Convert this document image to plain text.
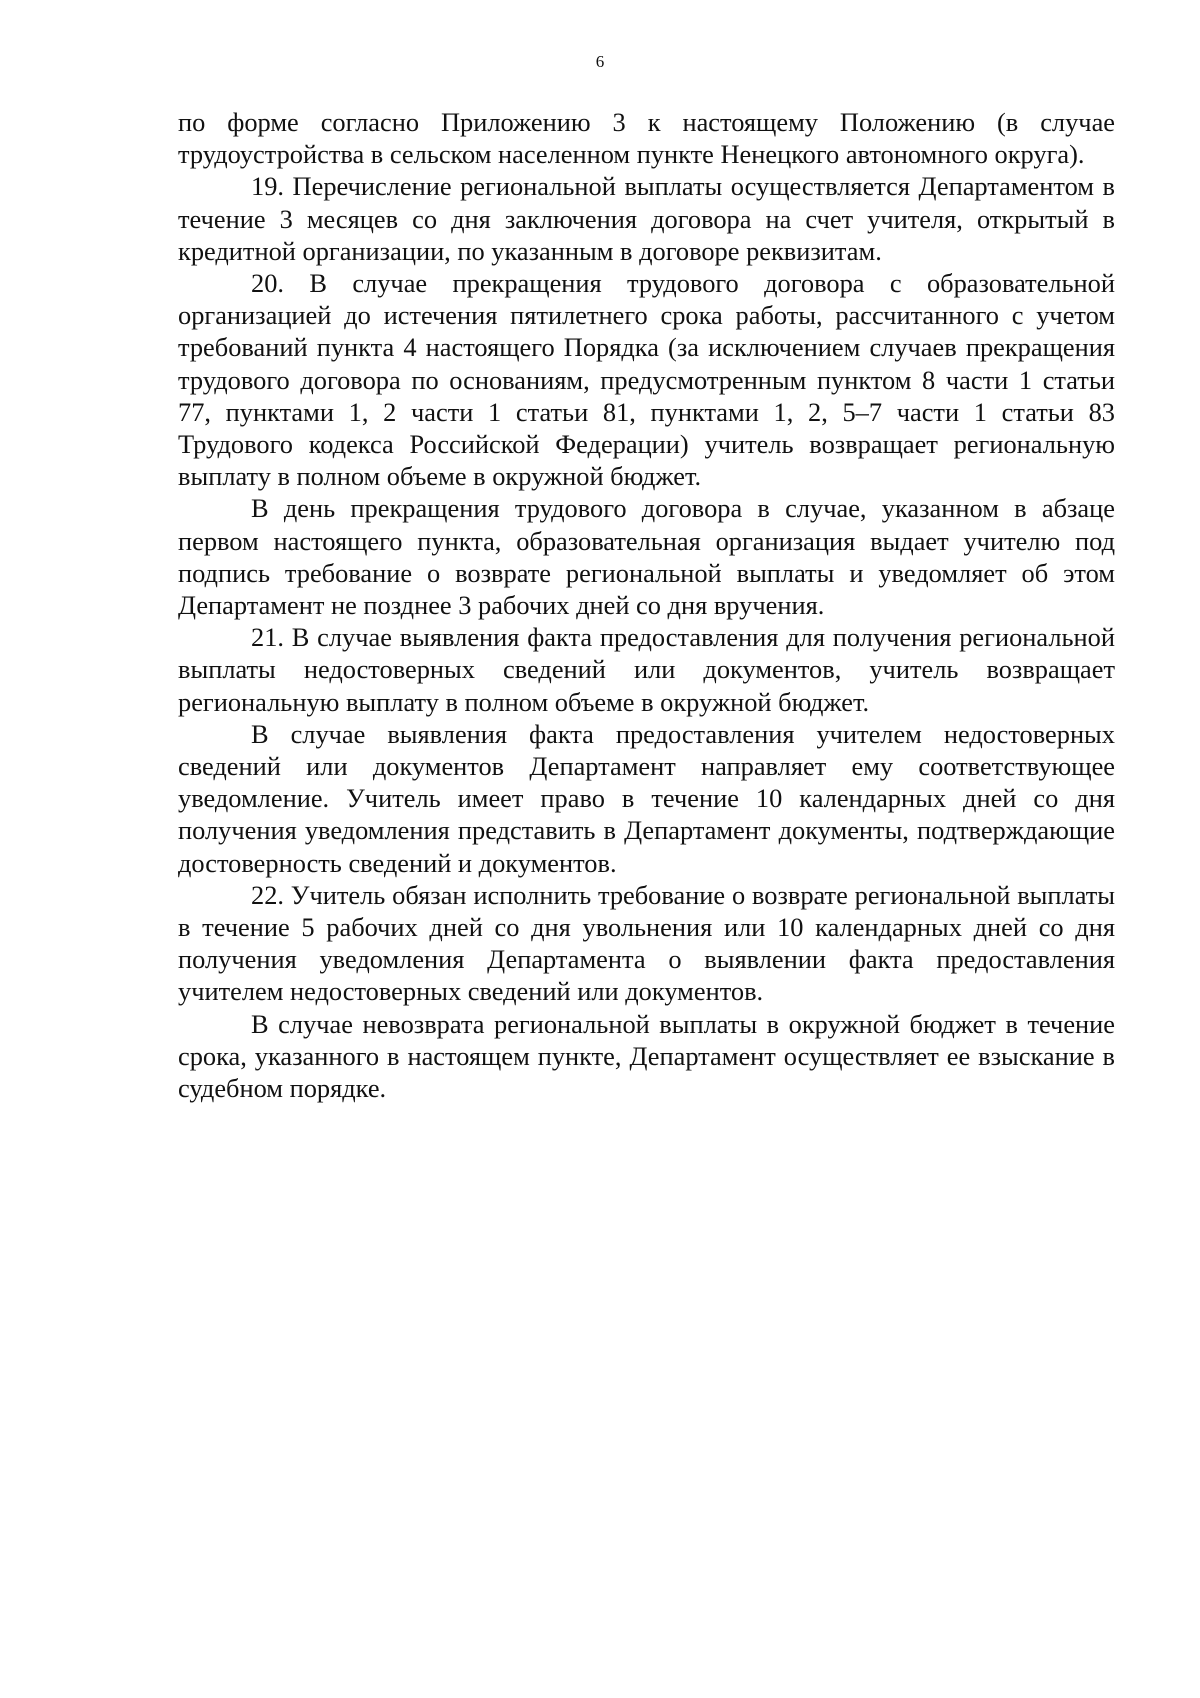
6

по форме согласно Приложению 3 к настоящему Положению (в случае трудоустройства в сельском населенном пункте Ненецкого автономного округа).

19. Перечисление региональной выплаты осуществляется Департаментом в течение 3 месяцев со дня заключения договора на счет учителя, открытый в кредитной организации, по указанным в договоре реквизитам.

20. В случае прекращения трудового договора с образовательной организацией до истечения пятилетнего срока работы, рассчитанного с учетом требований пункта 4 настоящего Порядка (за исключением случаев прекращения трудового договора по основаниям, предусмотренным пунктом 8 части 1 статьи 77, пунктами 1, 2 части 1 статьи 81, пунктами 1, 2, 5–7 части 1 статьи 83 Трудового кодекса Российской Федерации) учитель возвращает региональную выплату в полном объеме в окружной бюджет.

В день прекращения трудового договора в случае, указанном в абзаце первом настоящего пункта, образовательная организация выдает учителю под подпись требование о возврате региональной выплаты и уведомляет об этом Департамент не позднее 3 рабочих дней со дня вручения.

21. В случае выявления факта предоставления для получения региональной выплаты недостоверных сведений или документов, учитель возвращает региональную выплату в полном объеме в окружной бюджет.

В случае выявления факта предоставления учителем недостоверных сведений или документов Департамент направляет ему соответствующее уведомление. Учитель имеет право в течение 10 календарных дней со дня получения уведомления представить в Департамент документы, подтверждающие достоверность сведений и документов.

22. Учитель обязан исполнить требование о возврате региональной выплаты в течение 5 рабочих дней со дня увольнения или 10 календарных дней со дня получения уведомления Департамента о выявлении факта предоставления учителем недостоверных сведений или документов.

В случае невозврата региональной выплаты в окружной бюджет в течение срока, указанного в настоящем пункте, Департамент осуществляет ее взыскание в судебном порядке.
